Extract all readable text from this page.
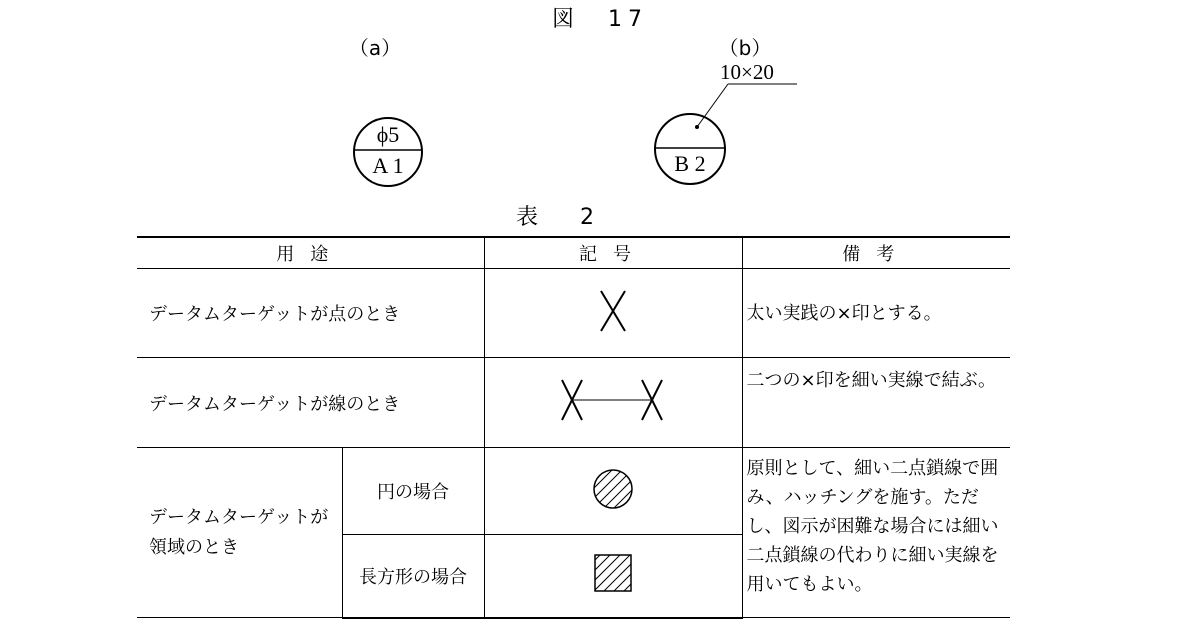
図　17
（a）	（b）
10×20
ϕ5
A 1	B 2
表　2
用途		記号	備考
データムターゲットが点のとき			太い実践の×印とする。
データムターゲットが線のとき			二つの×印を細い実線で結ぶ。
データムターゲットが領域のとき	円の場合		原則として、細い二点鎖線で囲み、ハッチングを施す。ただし、図示が困難な場合には細い二点鎖線の代わりに細い実線を用いてもよい。
	長方形の場合	
